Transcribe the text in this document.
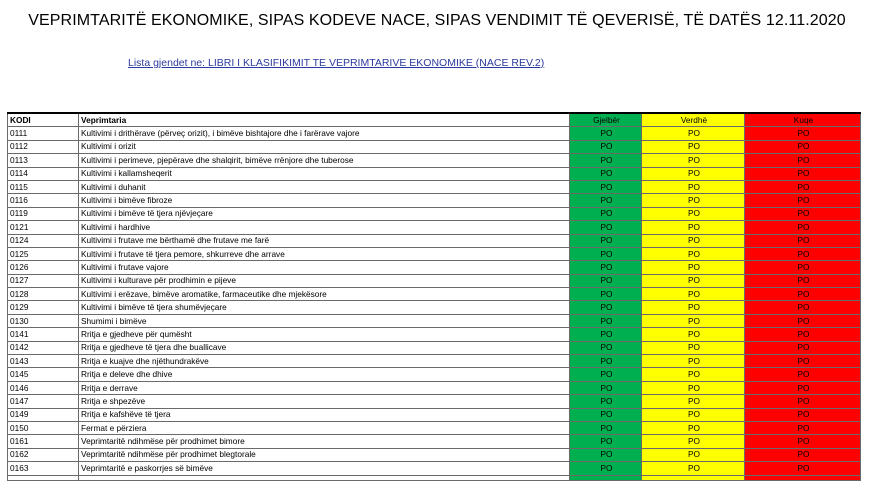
VEPRIMTARITË EKONOMIKE, SIPAS KODEVE NACE, SIPAS VENDIMIT TË QEVERISË, TË DATËS 12.11.2020
Lista gjendet ne: LIBRI I KLASIFIKIMIT TE VEPRIMTARIVE EKONOMIKE (NACE REV.2)
KODI	Veprimtaria	Gjelbër	Verdhë	Kuqe
0111	Kultivimi i drithërave (përveç orizit), i bimëve bishtajore dhe i farërave vajore	PO	PO	PO
0112	Kultivimi i orizit	PO	PO	PO
0113	Kultivimi i perimeve, pjepërave dhe shalqirit, bimëve rrënjore dhe tuberose	PO	PO	PO
0114	Kultivimi i kallamsheqerit	PO	PO	PO
0115	Kultivimi i duhanit	PO	PO	PO
0116	Kultivimi i bimëve fibroze	PO	PO	PO
0119	Kultivimi i bimëve të tjera njëvjeçare	PO	PO	PO
0121	Kultivimi i hardhive	PO	PO	PO
0124	Kultivimi i frutave me bërthamë dhe frutave me farë	PO	PO	PO
0125	Kultivimi i frutave të tjera pemore, shkurreve dhe arrave	PO	PO	PO
0126	Kultivimi i frutave vajore	PO	PO	PO
0127	Kultivimi i kulturave për prodhimin e pijeve	PO	PO	PO
0128	Kultivimi i erëzave, bimëve aromatike, farmaceutike dhe mjekësore	PO	PO	PO
0129	Kultivimi i bimëve të tjera shumëvjeçare	PO	PO	PO
0130	Shumimi i bimëve	PO	PO	PO
0141	Rritja e gjedheve për qumësht	PO	PO	PO
0142	Rritja e gjedheve të tjera dhe buallicave	PO	PO	PO
0143	Rritja e kuajve dhe njëthundrakëve	PO	PO	PO
0145	Rritja e deleve dhe dhive	PO	PO	PO
0146	Rritja e derrave	PO	PO	PO
0147	Rritja e shpezëve	PO	PO	PO
0149	Rritja e kafshëve të tjera	PO	PO	PO
0150	Fermat e përziera	PO	PO	PO
0161	Veprimtaritë ndihmëse për prodhimet bimore	PO	PO	PO
0162	Veprimtaritë ndihmëse për prodhimet blegtorale	PO	PO	PO
0163	Veprimtaritë e paskorrjes së bimëve	PO	PO	PO
